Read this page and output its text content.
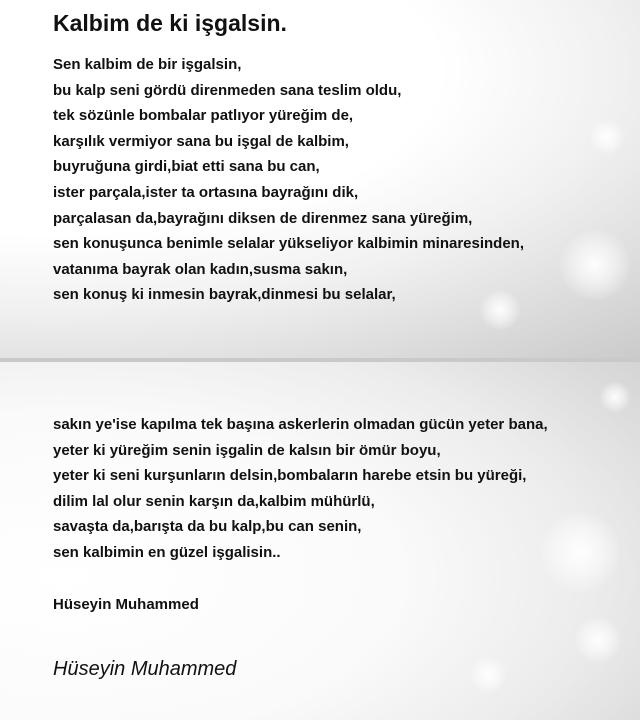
Kalbim de ki işgalsin.
Sen kalbim de bir işgalsin,
bu kalp seni gördü direnmeden sana teslim oldu,
tek sözünle bombalar patlıyor yüreğim de,
karşılık vermiyor sana bu işgal de kalbim,
buyruğuna girdi,biat etti sana bu can,
ister parçala,ister ta ortasına bayrağını dik,
parçalasan da,bayrağını diksen de direnmez sana yüreğim,
sen konuşunca benimle selalar yükseliyor kalbimin minaresinden,
vatanıma bayrak olan kadın,susma sakın,
sen konuş ki inmesin bayrak,dinmesi bu selalar,
sakın ye'ise kapılma tek başına askerlerin olmadan gücün yeter bana,
yeter ki yüreğim senin işgalin de kalsın bir ömür boyu,
yeter ki seni kurşunların delsin,bombaların harebe etsin bu yüreği,
dilim lal olur senin karşın da,kalbim mühürlü,
savaşta da,barışta da bu kalp,bu can senin,
sen kalbimin en güzel işgalisin..

Hüseyin Muhammed

Hüseyin Muhammed
